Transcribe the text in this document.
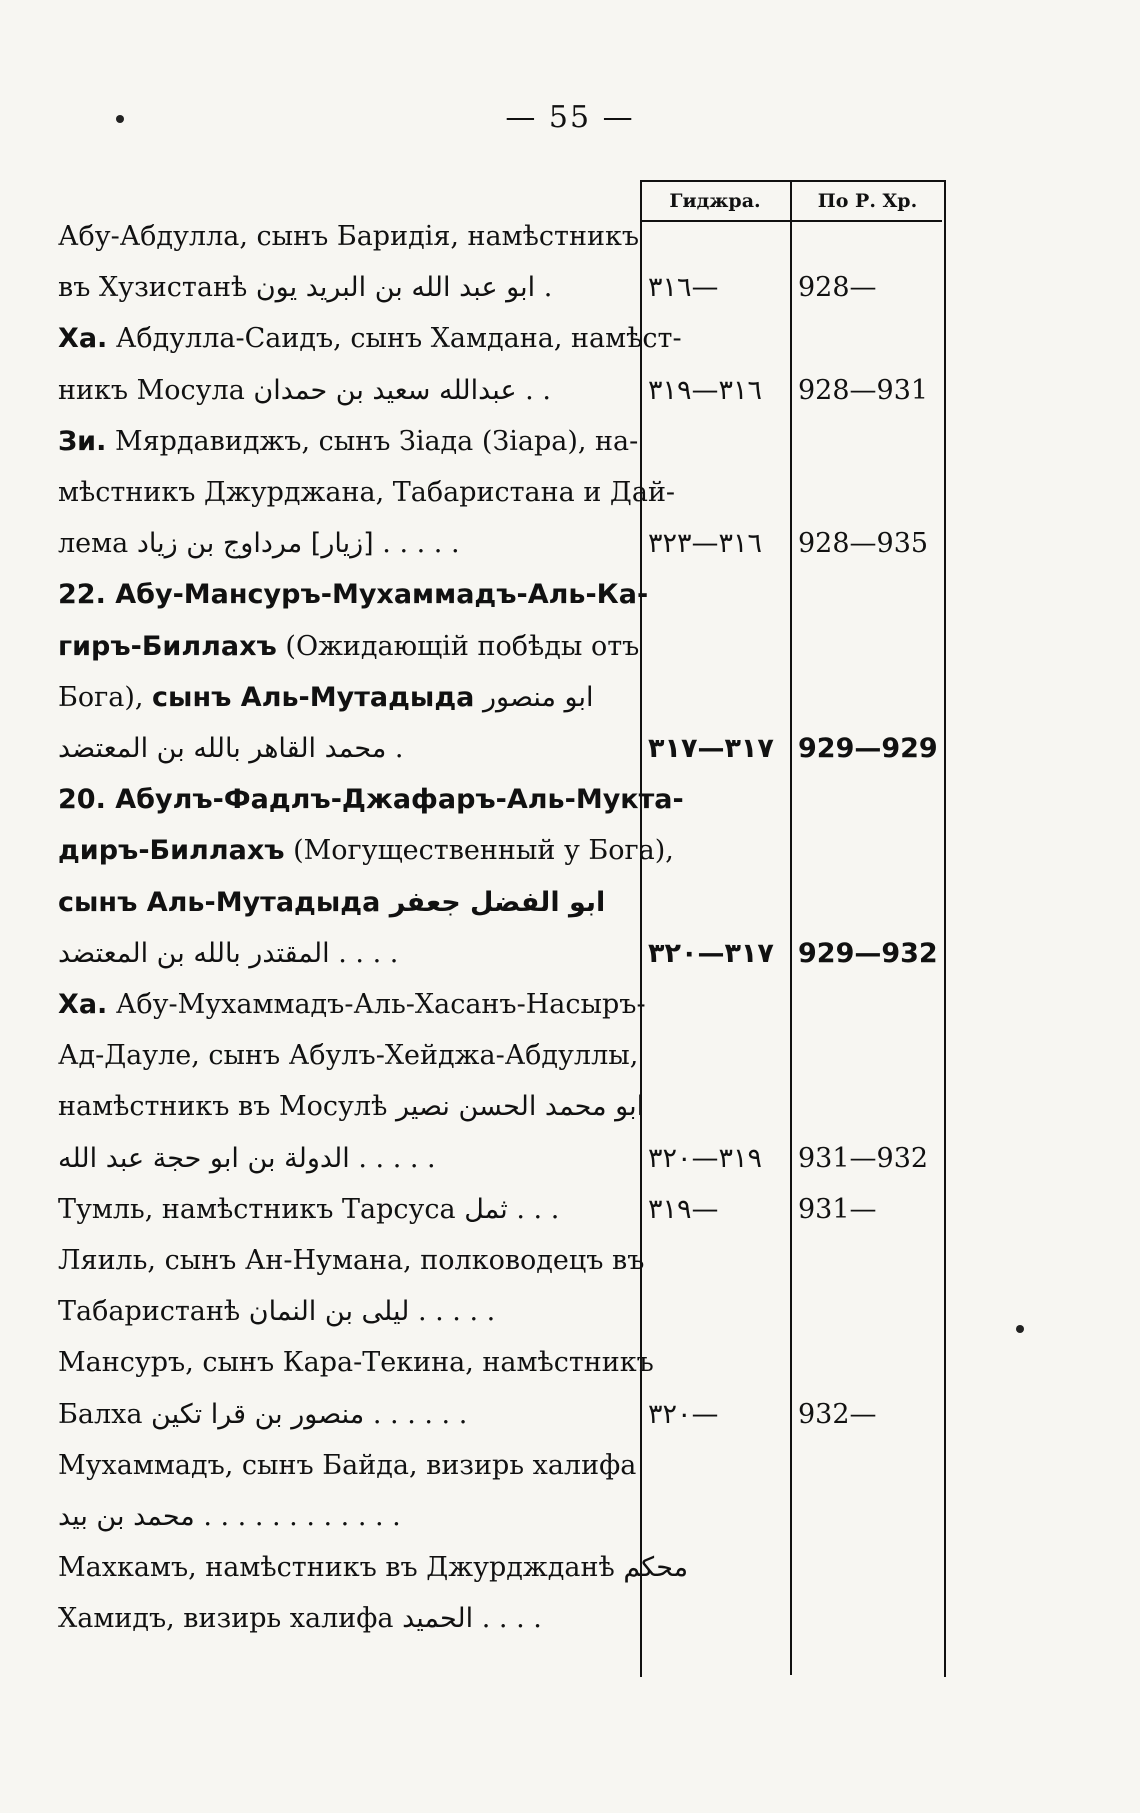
— 55 —
Гиджра.	По Р. Хр.
Абу-Абдулла, сынъ Баридія, намѣстникъ
въ Хузистанѣ ابو عبد الله بن البريد يون .	٣١٦—	928—
Ха. Абдулла-Саидъ, сынъ Хамдана, намѣст-
никъ Мосула عبدالله سعيد بن حمدان . .	٣١٦—٣١٩ 928—931
Зи. Мярдавиджъ, сынъ Зіада (Зіара), на-
мѣстникъ Джурджана, Табаристана и Дай-
лема [زيار] مرداوج بن زياد . . . . .	٣١٦—٣٢٣ 928—935
22. Абу-Мансуръ-Мухаммадъ-Аль-Ка-
гиръ-Биллахъ (Ожидающій побѣды отъ
Бога), сынъ Аль-Мутадыда ابو منصور
محمد القاهر بالله بن المعتضد .	٣١٧—٣١٧ 929—929
20. Абулъ-Фадлъ-Джафаръ-Аль-Мукта-
диръ-Биллахъ (Могущественный у Бога),
сынъ Аль-Мутадыда ابو الفضل جعفر
المقتدر بالله بن المعتضد . . . .	٣١٧—٣٢٠ 929—932
Ха. Абу-Мухаммадъ-Аль-Хасанъ-Насыръ-
Ад-Дауле, сынъ Абулъ-Хейджа-Абдуллы,
намѣстникъ въ Мосулѣ ابو محمد الحسن نصير
الدولة بن ابو حجة عبد الله . . . . .	٣١٩—٣٢٠ 931—932
Тумль, намѣстникъ Тарсуса ثمل . . .	٣١٩—	931—
Ляиль, сынъ Ан-Нумана, полководецъ въ
Табаристанѣ ليلى بن النمان . . . . .
Мансуръ, сынъ Кара-Текина, намѣстникъ
Балха منصور بن قرا تكين . . . . . .	٣٢٠—	932—
Мухаммадъ, сынъ Байда, визирь халифа
محمد بن بيد . . . . . . . . . . . .
Махкамъ, намѣстникъ въ Джурджданѣ محكم
Хамидъ, визирь халифа الحميد . . . .
